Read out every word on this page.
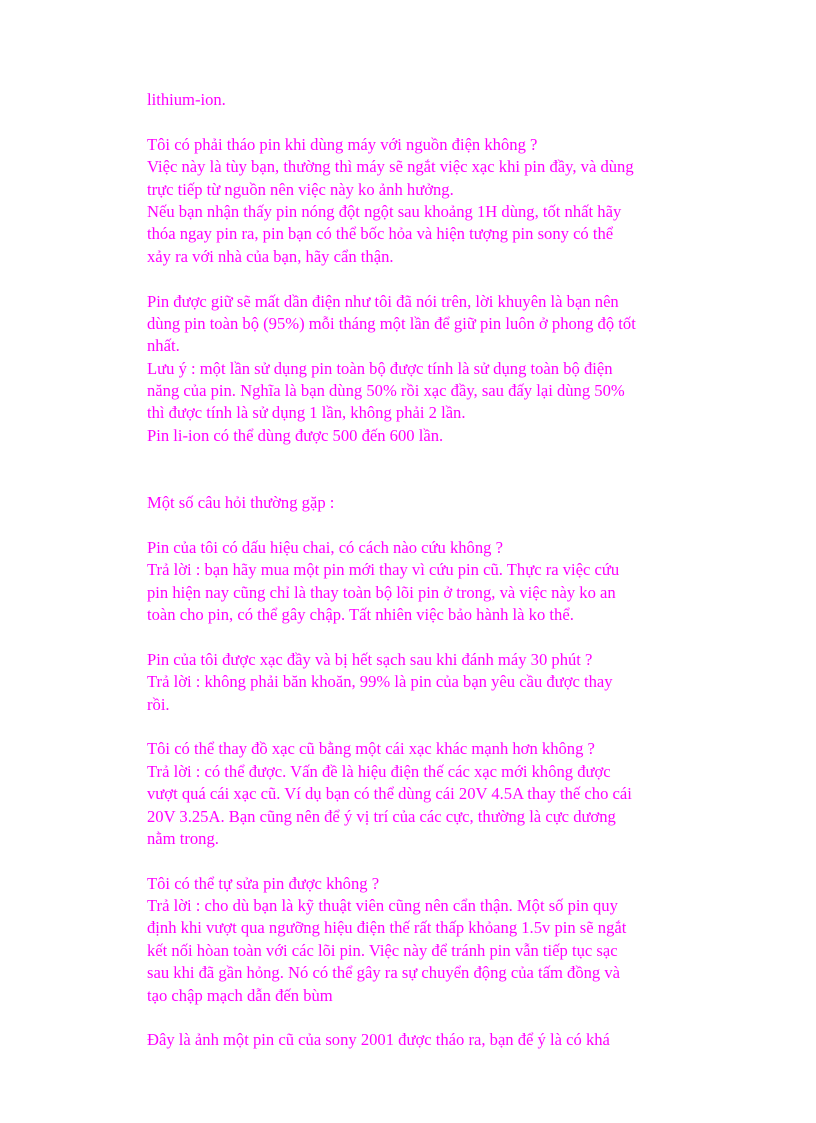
lithium-ion.
Tôi có phải tháo pin khi dùng máy với nguồn điện không ?
Việc này là tùy bạn, thường thì máy sẽ ngắt việc xạc khi pin đầy, và dùng
trực tiếp từ nguồn nên việc này ko ảnh hưởng.
Nếu bạn nhận thấy pin nóng đột ngột sau khoảng 1H dùng, tốt nhất hãy
thóa ngay pin ra, pin bạn có thể bốc hỏa và hiện tượng pin sony có thể
xảy ra với nhà của bạn, hãy cẩn thận.
Pin được giữ sẽ mất dần điện như tôi đã nói trên, lời khuyên là bạn nên
dùng pin toàn bộ (95%) mỗi tháng một lần để giữ pin luôn ở phong độ tốt
nhất.
Lưu ý : một lần sử dụng pin toàn bộ được tính là sử dụng toàn bộ điện
năng của pin. Nghĩa là bạn dùng 50% rồi xạc đầy, sau đấy lại dùng 50%
thì được tính là sử dụng 1 lần, không phải 2 lần.
Pin li-ion có thể dùng được 500 đến 600 lần.
Một số câu hỏi thường gặp :
Pin của tôi có dấu hiệu chai, có cách nào cứu không ?
Trả lời : bạn hãy mua một pin mới thay vì cứu pin cũ. Thực ra việc cứu
pin hiện nay cũng chỉ là thay toàn bộ lõi pin ở trong, và việc này ko an
toàn cho pin, có thể gây chập. Tất nhiên việc bảo hành là ko thể.
Pin của tôi được xạc đầy và bị hết sạch sau khi đánh máy 30 phút ?
Trả lời : không phải băn khoăn, 99% là pin của bạn yêu cầu được thay
rồi.
Tôi có thể thay đồ xạc cũ bằng một cái xạc khác mạnh hơn không ?
Trả lời : có thể được. Vấn đề là hiệu điện thế các xạc mới không được
vượt quá cái xạc cũ. Ví dụ bạn có thể dùng cái 20V 4.5A thay thế cho cái
20V 3.25A. Bạn cũng nên để ý vị trí của các cực, thường là cực dương
nằm trong.
Tôi có thể tự sửa pin được không ?
Trả lời : cho dù bạn là kỹ thuật viên cũng nên cẩn thận. Một số pin quy
định khi vượt qua ngưỡng hiệu điện thế rất thấp khỏang 1.5v pin sẽ ngắt
kết nối hòan toàn với các lõi pin. Việc này để tránh pin vẫn tiếp tục sạc
sau khi đã gần hỏng. Nó có thể gây ra sự chuyển động của tấm đồng và
tạo chập mạch dẫn đến bùm
Đây là ảnh một pin cũ của sony 2001 được tháo ra, bạn để ý là có khá
